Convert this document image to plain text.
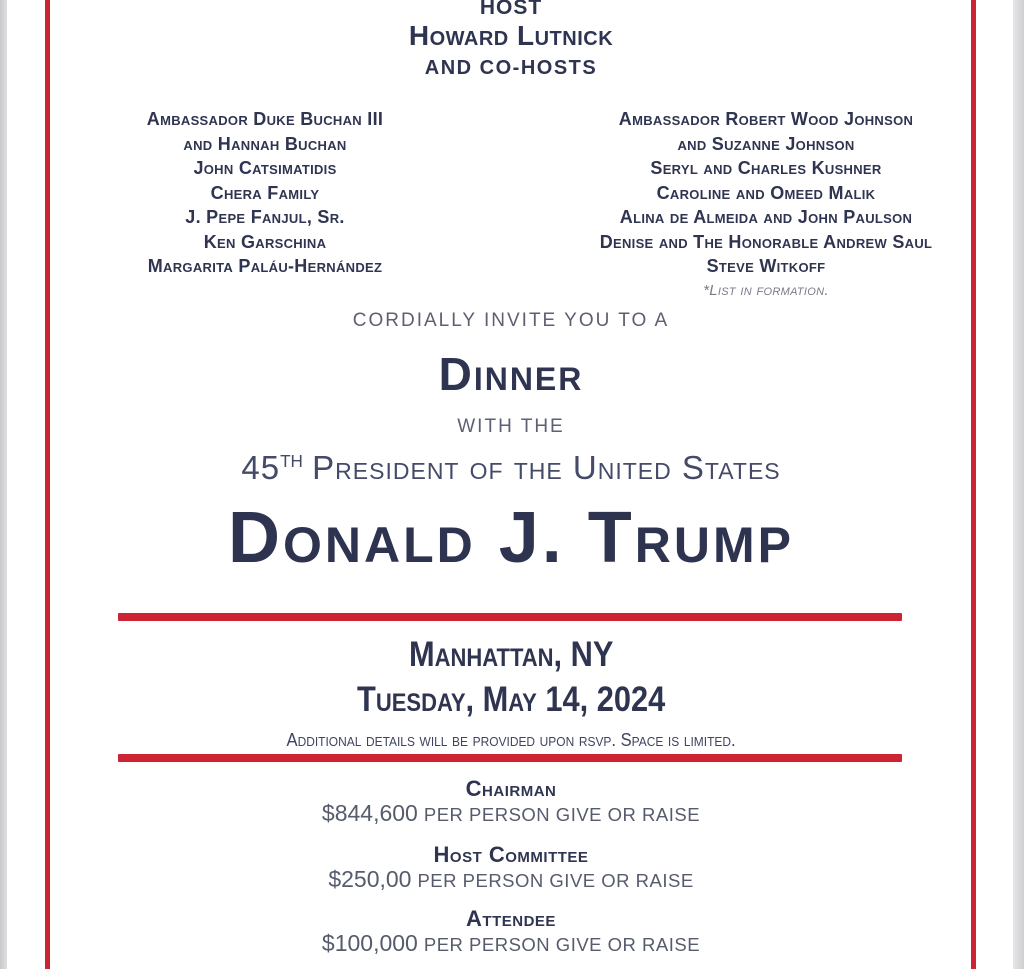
HOST
Howard Lutnick
AND CO-HOSTS
Ambassador Duke Buchan III
and Hannah Buchan
John Catsimatidis
Chera Family
J. Pepe Fanjul, Sr.
Ken Garschina
Margarita Paláu-Hernández
Ambassador Robert Wood Johnson
and Suzanne Johnson
Seryl and Charles Kushner
Caroline and Omeed Malik
Alina de Almeida and John Paulson
Denise and The Honorable Andrew Saul
Steve Witkoff
*List in formation.
CORDIALLY INVITE YOU TO A
Dinner
WITH THE
45TH President of the United States
Donald J. Trump
Manhattan, NY
Tuesday, May 14, 2024
Additional details will be provided upon rsvp. Space is limited.
Chairman
$844,600 PER PERSON GIVE OR RAISE
Host Committee
$250,00 PER PERSON GIVE OR RAISE
Attendee
$100,000 PER PERSON GIVE OR RAISE
